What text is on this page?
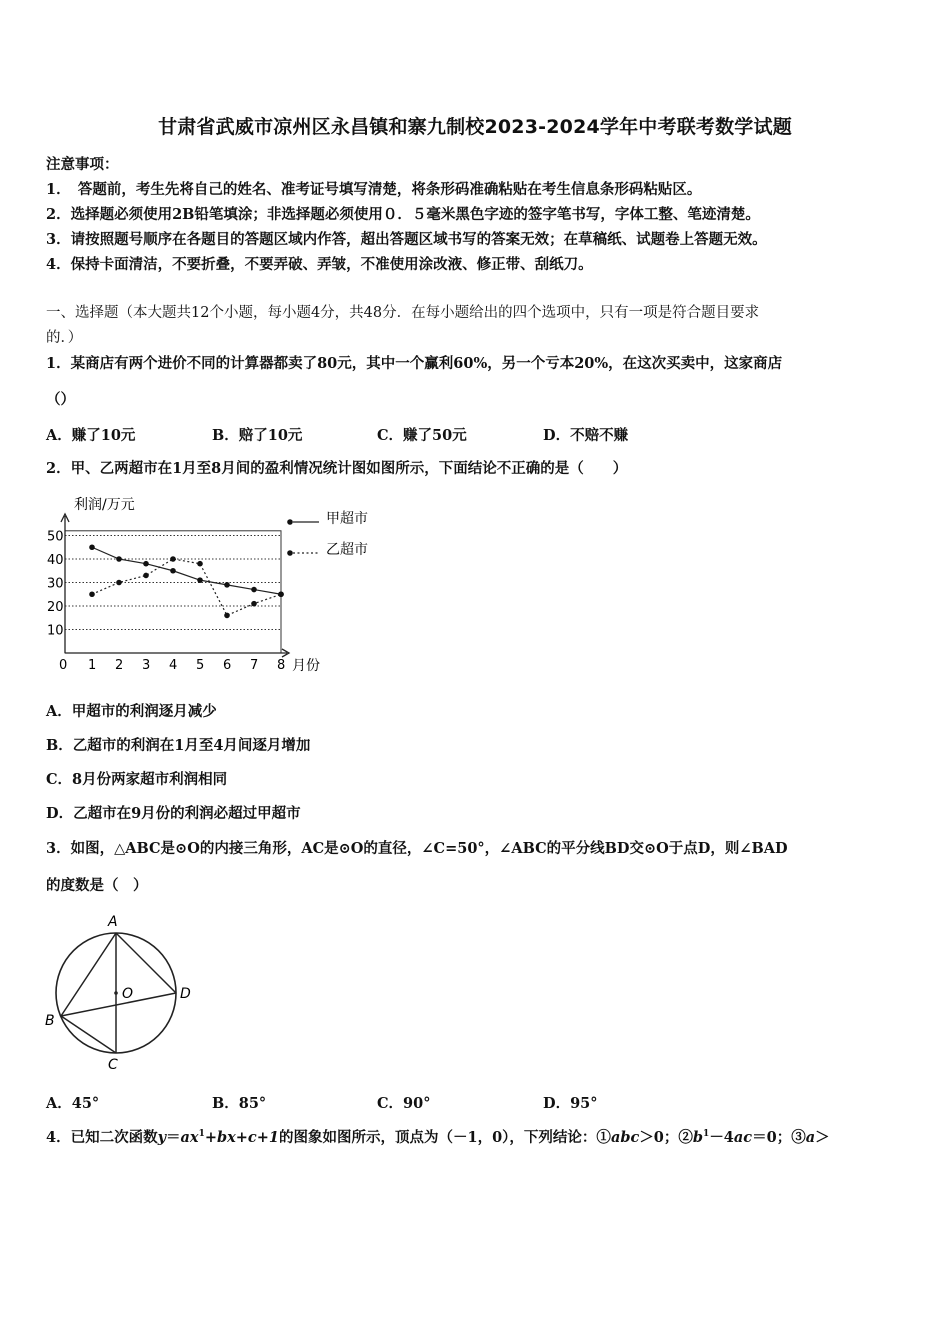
甘肃省武威市凉州区永昌镇和寨九制校2023-2024学年中考联考数学试题
注意事项：
1．　答题前，考生先将自己的姓名、准考证号填写清楚，将条形码准确粘贴在考生信息条形码粘贴区。
2．选择题必须使用2B铅笔填涂；非选择题必须使用０．５毫米黑色字迹的签字笔书写，字体工整、笔迹清楚。
3．请按照题号顺序在各题目的答题区域内作答，超出答题区域书写的答案无效；在草稿纸、试题卷上答题无效。
4．保持卡面清洁，不要折叠，不要弄破、弄皱，不准使用涂改液、修正带、刮纸刀。
一、选择题（本大题共12个小题，每小题4分，共48分．在每小题给出的四个选项中，只有一项是符合题目要求
的．）
1．某商店有两个进价不同的计算器都卖了80元，其中一个赢利60%，另一个亏本20%，在这次买卖中，这家商店
（）
A．赚了10元	B．赔了10元	C．赚了50元	D．不赔不赚
2．甲、乙两超市在1月至8月间的盈利情况统计图如图所示，下面结论不正确的是（　　）
10
20
30
40
50
0 1 2 3 4 5 6 7 8
甲超市
乙超市
利润/万元
月份
A．甲超市的利润逐月减少
B．乙超市的利润在1月至4月间逐月增加
C．8月份两家超市利润相同
D．乙超市在9月份的利润必超过甲超市
3．如图，△ABC是⊙O的内接三角形，AC是⊙O的直径，∠C=50°，∠ABC的平分线BD交⊙O于点D，则∠BAD
的度数是（　）
A
O	D
B
C
A．45°	B．85°	C．90°	D．95°
4．已知二次函数$y=ax^1+bx+c+1$的图象如图所示，顶点为（－1，0），下列结论：①abc＞0；$②b^1-4ac=0$；③a＞
